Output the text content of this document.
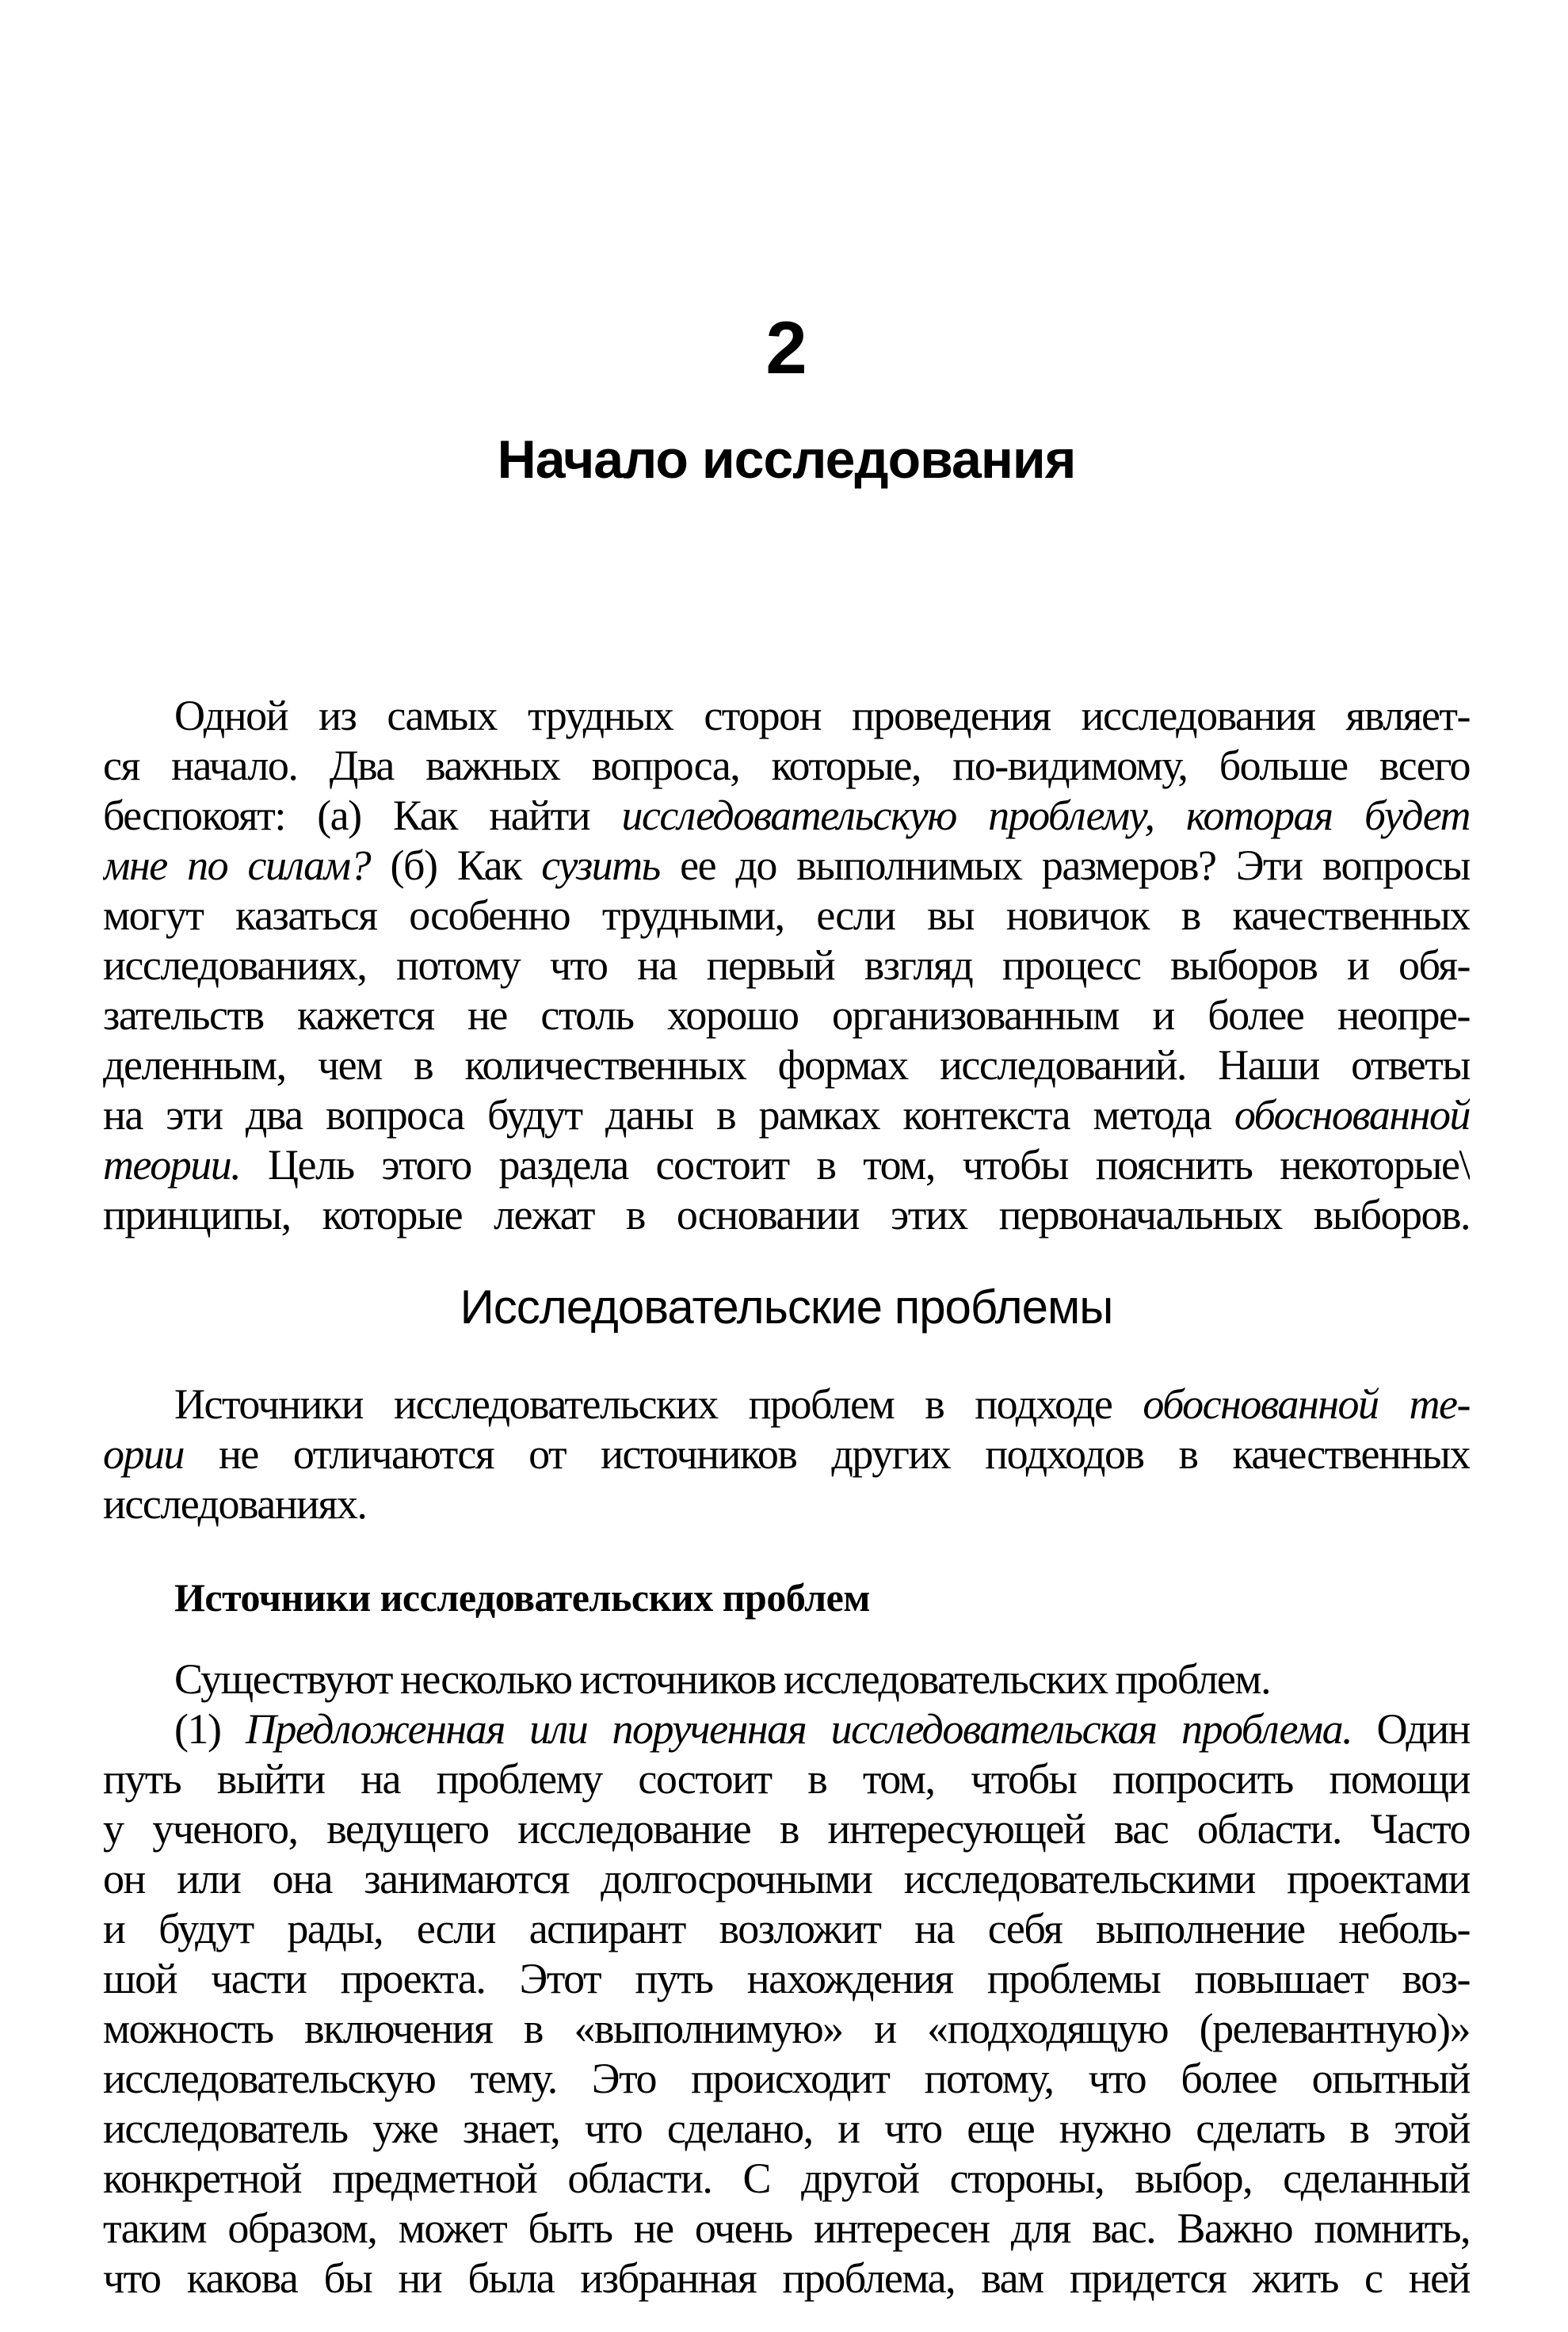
2
Начало исследования
Одной из самых трудных сторон проведения исследования являет-
ся начало. Два важных вопроса, которые, по-видимому, больше всего
беспокоят: (а) Как найти исследовательскую проблему, которая будет
мне по силам? (б) Как сузить ее до выполнимых размеров? Эти вопросы
могут казаться особенно трудными, если вы новичок в качественных
исследованиях, потому что на первый взгляд процесс выборов и обя-
зательств кажется не столь хорошо организованным и более неопре-
деленным, чем в количественных формах исследований. Наши ответы
на эти два вопроса будут даны в рамках контекста метода обоснованной
теории. Цель этого раздела состоит в том, чтобы пояснить некоторые\
принципы, которые лежат в основании этих первоначальных выборов.
Исследовательские проблемы
Источники исследовательских проблем в подходе обоснованной те-
ории не отличаются от источников других подходов в качественных
исследованиях.
Источники исследовательских проблем
Существуют несколько источников исследовательских проблем.
(1) Предложенная или порученная исследовательская проблема. Один
путь выйти на проблему состоит в том, чтобы попросить помощи
у ученого, ведущего исследование в интересующей вас области. Часто
он или она занимаются долгосрочными исследовательскими проектами
и будут рады, если аспирант возложит на себя выполнение неболь-
шой части проекта. Этот путь нахождения проблемы повышает воз-
можность включения в «выполнимую» и «подходящую (релевантную)»
исследовательскую тему. Это происходит потому, что более опытный
исследователь уже знает, что сделано, и что еще нужно сделать в этой
конкретной предметной области. С другой стороны, выбор, сделанный
таким образом, может быть не очень интересен для вас. Важно помнить,
что какова бы ни была избранная проблема, вам придется жить с ней
